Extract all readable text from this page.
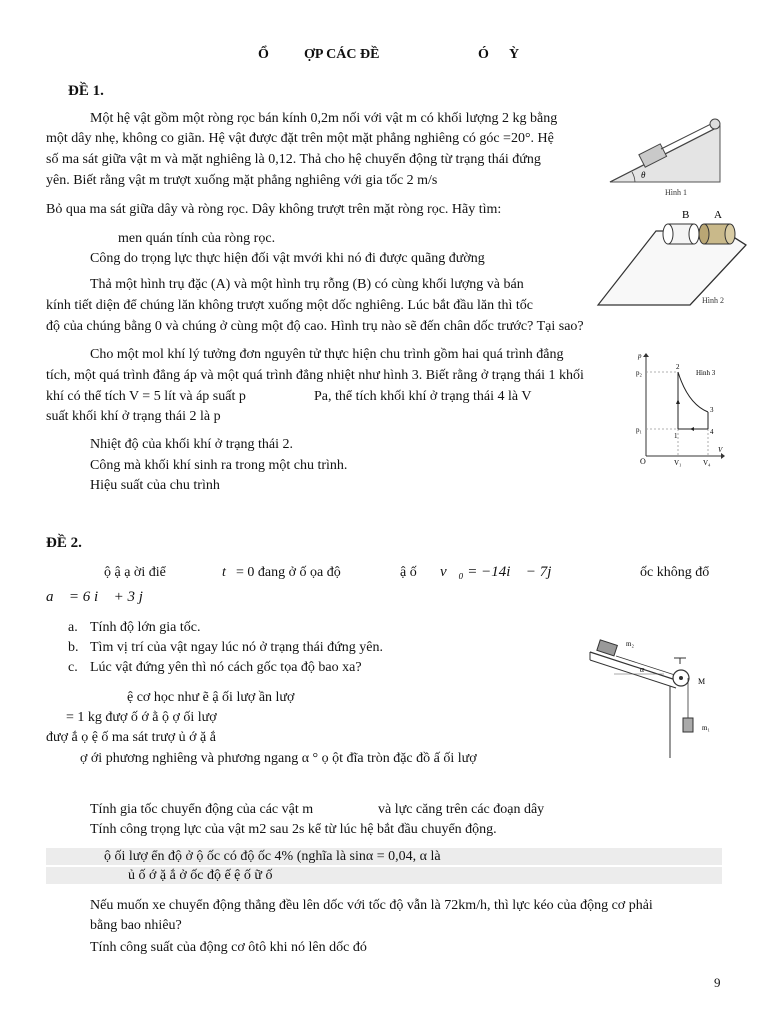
Ổ	ỢP CÁC ĐỀ	Ó Ỳ
ĐỀ 1.
Một hệ vật gồm một ròng rọc bán kính 0,2m nối với vật m có khối lượng 2 kg bằng
một dây nhẹ, không co giãn. Hệ vật được đặt trên một mặt phẳng nghiêng có góc =20°. Hệ
số ma sát giữa vật m và mặt nghiêng là 0,12. Thả cho hệ chuyển động từ trạng thái đứng
yên. Biết rằng vật m trượt xuống mặt phẳng nghiêng với gia tốc 2 m/s
Bỏ qua ma sát giữa dây và ròng rọc. Dây không trượt trên mặt ròng rọc. Hãy tìm:
men quán tính của ròng rọc.
Công do trọng lực thực hiện đối vật mvới khi nó đi được quãng đường
Thả một hình trụ đặc (A) và một hình trụ rỗng (B) có cùng khối lượng và bán
kính tiết diện để chúng lăn không trượt xuống một dốc nghiêng. Lúc bắt đầu lăn thì tốc
độ của chúng bằng 0 và chúng ở cùng một độ cao. Hình trụ nào sẽ đến chân dốc trước? Tại sao?
Cho một mol khí lý tưởng đơn nguyên tử thực hiện chu trình gồm hai quá trình đẳng
tích, một quá trình đẳng áp và một quá trình đẳng nhiệt như hình 3. Biết rằng ở trạng thái 1 khối
khí có thể tích V = 5 lít và áp suất p	Pa, thể tích khối khí ở trạng thái 4 là V
suất khối khí ở trạng thái 2 là p
Nhiệt độ của khối khí ở trạng thái 2.
Công mà khối khí sinh ra trong một chu trình.
Hiệu suất của chu trình
ĐỀ 2.
ộ ậ ạ ời điể	t = 0 đang ở ố ọa độ	ậ ố v⃗₀ = −14i⃗ − 7j⃗	ốc không đổ
a⃗ = 6 i⃗ + 3 j⃗
a. Tính độ lớn gia tốc.
b. Tìm vị trí của vật ngay lúc nó ở trạng thái đứng yên.
c. Lúc vật đứng yên thì nó cách gốc tọa độ bao xa?
ệ cơ học như ẽ ậ ối lượ ần lượ
= 1 kg đượ ố ớ ằ ộ ợ ối lượ
đượ ắ ọ ệ ố ma sát trượ ủ ớ ặ ắ
ợ ới phương nghiêng và phương ngang α ° ọ ột đĩa tròn đặc đồ ấ ối lượ
Tính gia tốc chuyển động của các vật m	và lực căng trên các đoạn dây
Tính công trọng lực của vật m2 sau 2s kể từ lúc hệ bắt đầu chuyển động.
ộ ối lượ ển độ ở ộ ốc có độ ốc 4% (nghĩa là sinα = 0,04, α là
ủ ố ớ ặ ắ ở ốc độ ế ệ ố ữ ố
Nếu muốn xe chuyển động thẳng đều lên dốc với tốc độ vẫn là 72km/h, thì lực kéo của động cơ phải
bằng bao nhiêu?
Tính công suất của động cơ ôtô khi nó lên dốc đó
9
θ
Hình 1
B A
Hình 2
p
V
p₂
p₁
O	V₁	V₄
1
2
3
4
Hình 3
m₂
α
M
m₁
